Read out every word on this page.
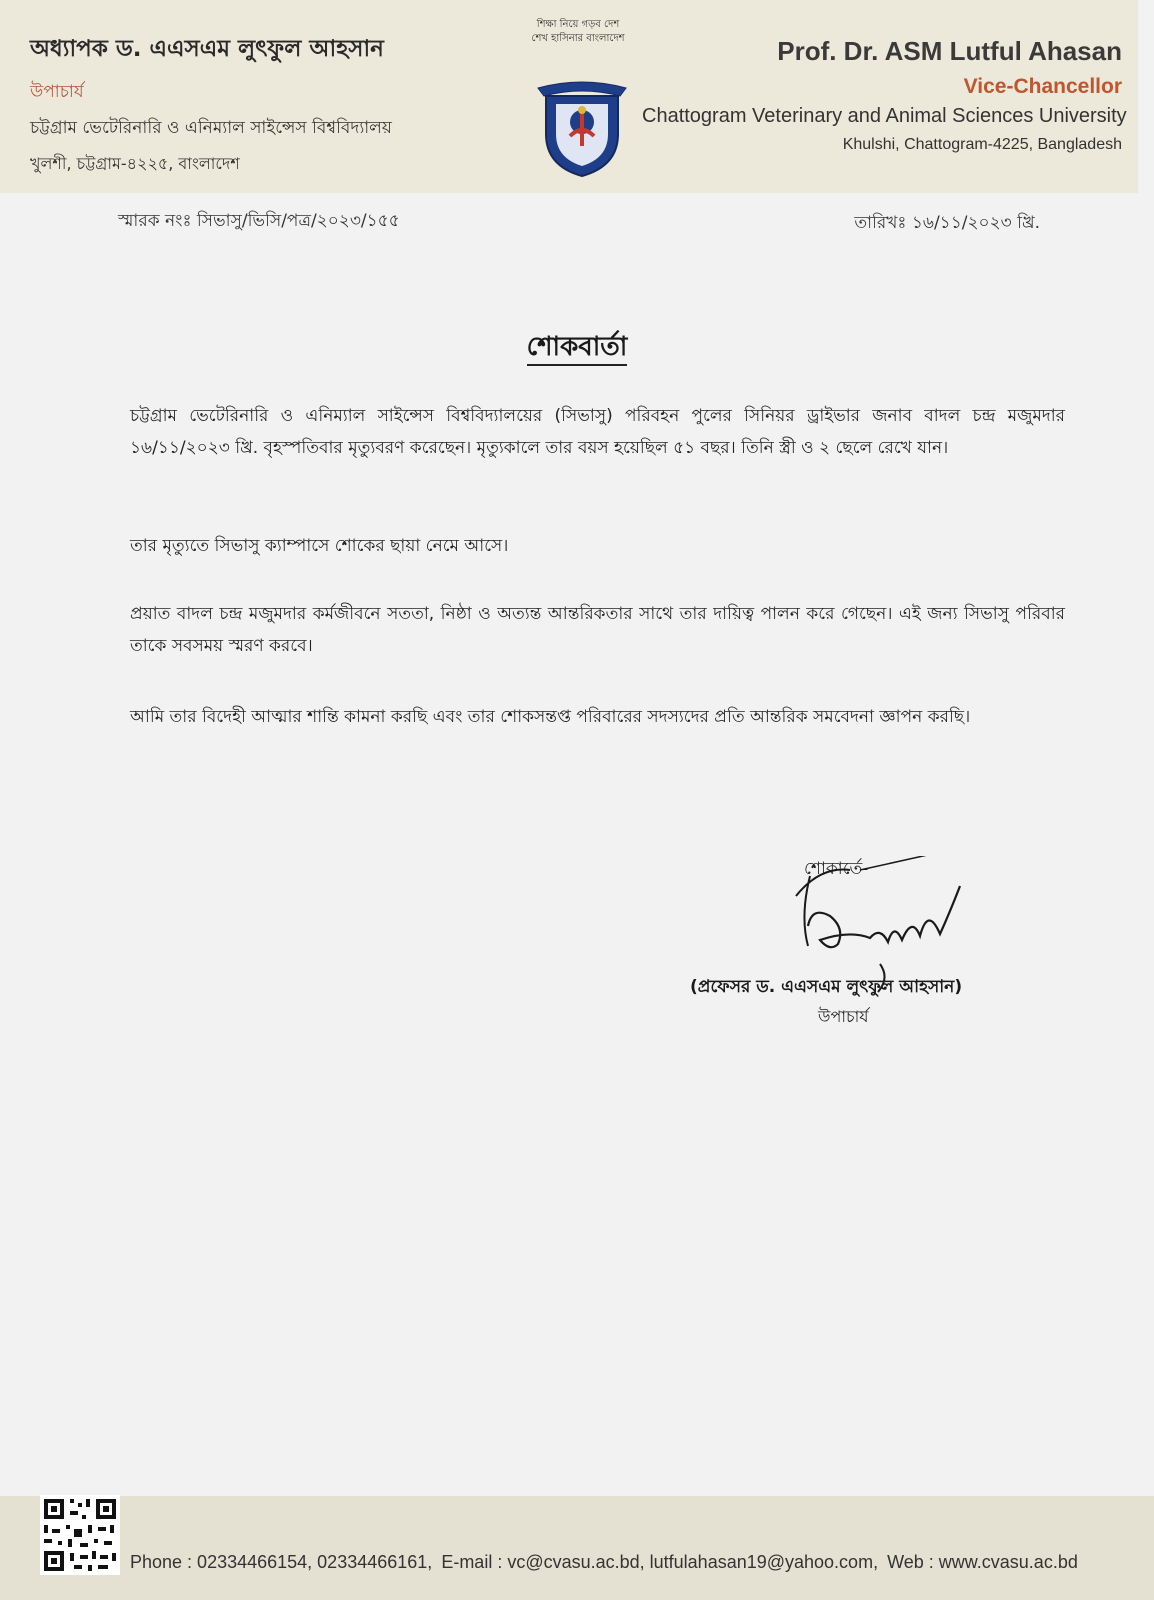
অধ্যাপক ড. এএসএম লুৎফুল আহসান
উপাচার্য
চট্টগ্রাম ভেটেরিনারি ও এনিম্যাল সাইন্সেস বিশ্ববিদ্যালয়
খুলশী, চট্টগ্রাম-৪২২৫, বাংলাদেশ
শিক্ষা নিয়ে গড়ব দেশ
শেখ হাসিনার বাংলাদেশ	Prof. Dr. ASM Lutful Ahasan
Vice-Chancellor
Chattogram Veterinary and Animal Sciences University
Khulshi, Chattogram-4225, Bangladesh
স্মারক নংঃ সিভাসু/ভিসি/পত্র/২০২৩/১৫৫	তারিখঃ ১৬/১১/২০২৩ খ্রি.
শোকবার্তা

চট্টগ্রাম ভেটেরিনারি ও এনিম্যাল সাইন্সেস বিশ্ববিদ্যালয়ের (সিভাসু) পরিবহন পুলের সিনিয়র ড্রাইভার জনাব বাদল চন্দ্র মজুমদার ১৬/১১/২০২৩ খ্রি. বৃহস্পতিবার মৃত্যুবরণ করেছেন। মৃত্যুকালে তার বয়স হয়েছিল ৫১ বছর। তিনি স্ত্রী ও ২ ছেলে রেখে যান।

তার মৃত্যুতে সিভাসু ক্যাম্পাসে শোকের ছায়া নেমে আসে।

প্রয়াত বাদল চন্দ্র মজুমদার কর্মজীবনে সততা, নিষ্ঠা ও অত্যন্ত আন্তরিকতার সাথে তার দায়িত্ব পালন করে গেছেন। এই জন্য সিভাসু পরিবার তাকে সবসময় স্মরণ করবে।

আমি তার বিদেহী আত্মার শান্তি কামনা করছি এবং তার শোকসন্তপ্ত পরিবারের সদস্যদের প্রতি আন্তরিক সমবেদনা জ্ঞাপন করছি।

শোকার্তে-
(প্রফেসর ড. এএসএম লুৎফুল আহসান)
উপাচার্য
Phone : 02334466154, 02334466161, E-mail : vc@cvasu.ac.bd, lutfulahasan19@yahoo.com, Web : www.cvasu.ac.bd
